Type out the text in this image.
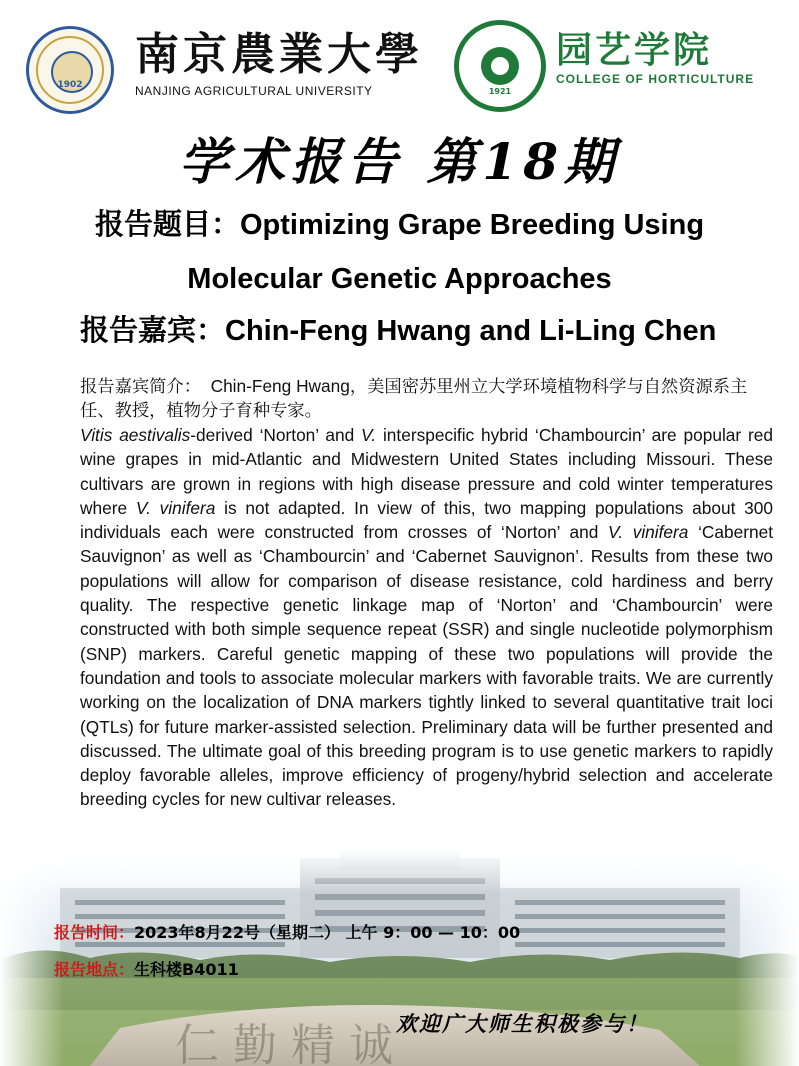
1902
南京農業大學
NANJING AGRICULTURAL UNIVERSITY	1921
园艺学院
COLLEGE OF HORTICULTURE
学术报告 第18期
报告题目：Optimizing Grape Breeding Using
Molecular Genetic Approaches
报告嘉宾：Chin-Feng Hwang and Li-Ling Chen
报告嘉宾简介： Chin-Feng Hwang，美国密苏里州立大学环境植物科学与自然资源系主任、教授，植物分子育种专家。
Vitis aestivalis-derived ‘Norton’ and V. interspecific hybrid ‘Chambourcin’ are popular red wine grapes in mid-Atlantic and Midwestern United States including Missouri. These cultivars are grown in regions with high disease pressure and cold winter temperatures where V. vinifera is not adapted. In view of this, two mapping populations about 300 individuals each were constructed from crosses of ‘Norton’ and V. vinifera ‘Cabernet Sauvignon’ as well as ‘Chambourcin’ and ‘Cabernet Sauvignon’. Results from these two populations will allow for comparison of disease resistance, cold hardiness and berry quality. The respective genetic linkage map of ‘Norton’ and ‘Chambourcin’ were constructed with both simple sequence repeat (SSR) and single nucleotide polymorphism (SNP) markers. Careful genetic mapping of these two populations will provide the foundation and tools to associate molecular markers with favorable traits. We are currently working on the localization of DNA markers tightly linked to several quantitative trait loci (QTLs) for future marker-assisted selection. Preliminary data will be further presented and discussed. The ultimate goal of this breeding program is to use genetic markers to rapidly deploy favorable alleles, improve efficiency of progeny/hybrid selection and accelerate breeding cycles for new cultivar releases.
报告时间：2023年8月22号（星期二） 上午 9：00 — 10：00
报告地点：生科楼B4011
欢迎广大师生积极参与！
